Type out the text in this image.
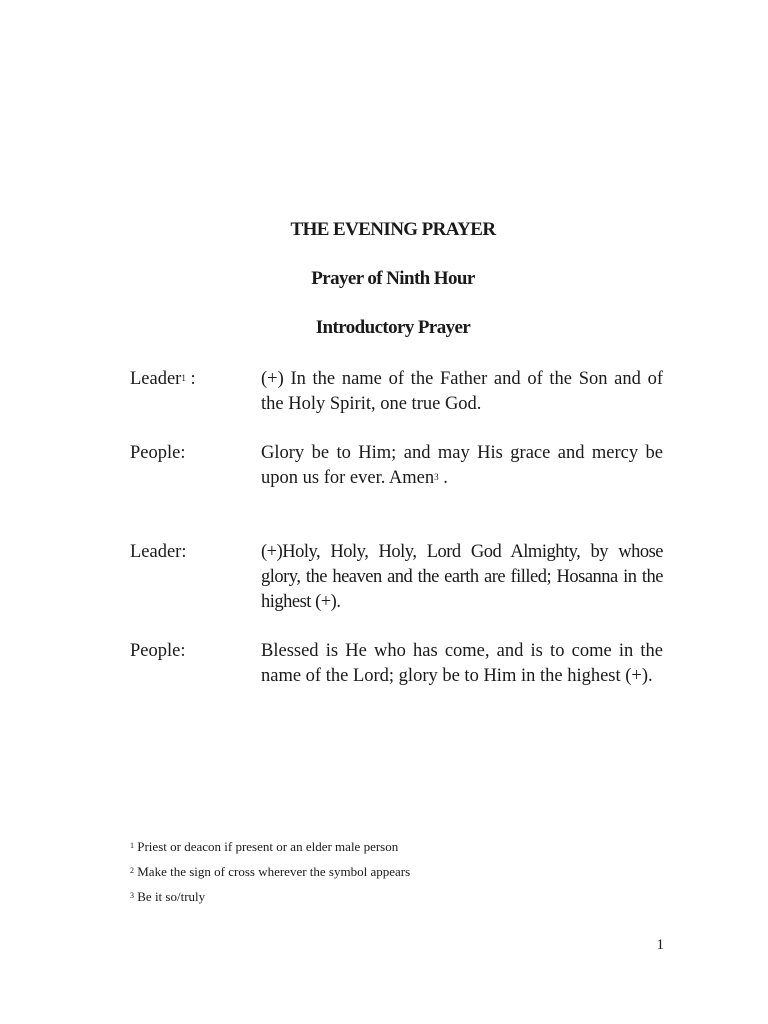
THE EVENING PRAYER
Prayer of Ninth Hour
Introductory Prayer
Leader$^1$ :	(+) In the name of the Father and of the Son and of the Holy Spirit, one true God.
People:	Glory be to Him; and may His grace and mercy be upon us for ever. Amen$^3$ .
Leader:	(+)Holy, Holy, Holy, Lord God Almighty, by whose glory, the heaven and the earth are filled; Hosanna in the highest (+).
People:	Blessed is He who has come, and is to come in the name of the Lord; glory be to Him in the highest (+).
$^1$ Priest or deacon if present or an elder male person
$^2$ Make the sign of cross wherever the symbol appears
$^3$ Be it so/truly
1
